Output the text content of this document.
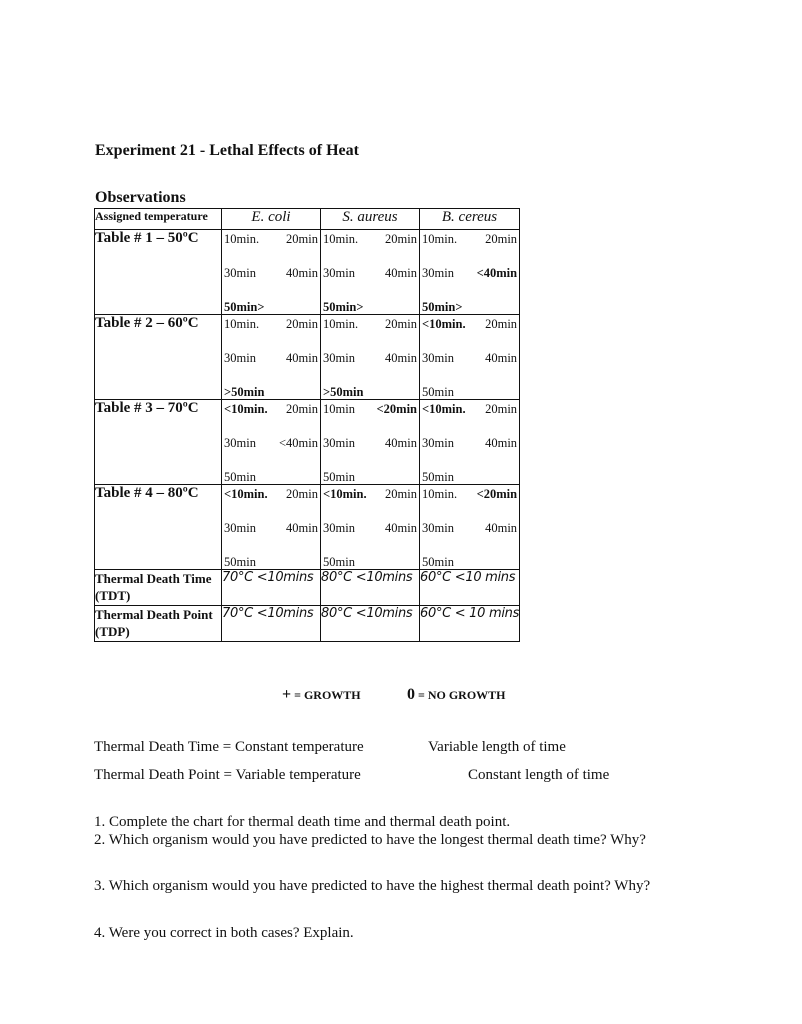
Experiment 21 - Lethal Effects of Heat
Observations
Assigned temperature	E. coli	S. aureus	B. cereus
Table # 1 – 50ºC	10min. 20min
30min 40min
50min>	10min. 20min
30min 40min
50min>	10min. 20min
30min <40min
50min>

Table # 2 – 60ºC	10min. 20min
30min 40min
>50min	10min. 20min
30min 40min
>50min	<10min. 20min
30min 40min
50min

Table # 3 – 70ºC	<10min. 20min
30min <40min
50min	10min <20min
30min 40min
50min	<10min. 20min
30min 40min
50min

Table # 4 – 80ºC	<10min. 20min
30min 40min
50min	<10min. 20min
30min 40min
50min	10min. <20min
30min 40min
50min

Thermal Death Time (TDT)	70°C <10mins	80°C <10mins	60°C <10 mins
Thermal Death Point (TDP)	70°C <10mins	80°C <10mins	60°C < 10 mins
+ = GROWTH	0 = NO GROWTH
Thermal Death Time = Constant temperature	Variable length of time
Thermal Death Point = Variable temperature	Constant length of time
1. Complete the chart for thermal death time and thermal death point.
2. Which organism would you have predicted to have the longest thermal death time? Why?
3. Which organism would you have predicted to have the highest thermal death point? Why?
4. Were you correct in both cases? Explain.
